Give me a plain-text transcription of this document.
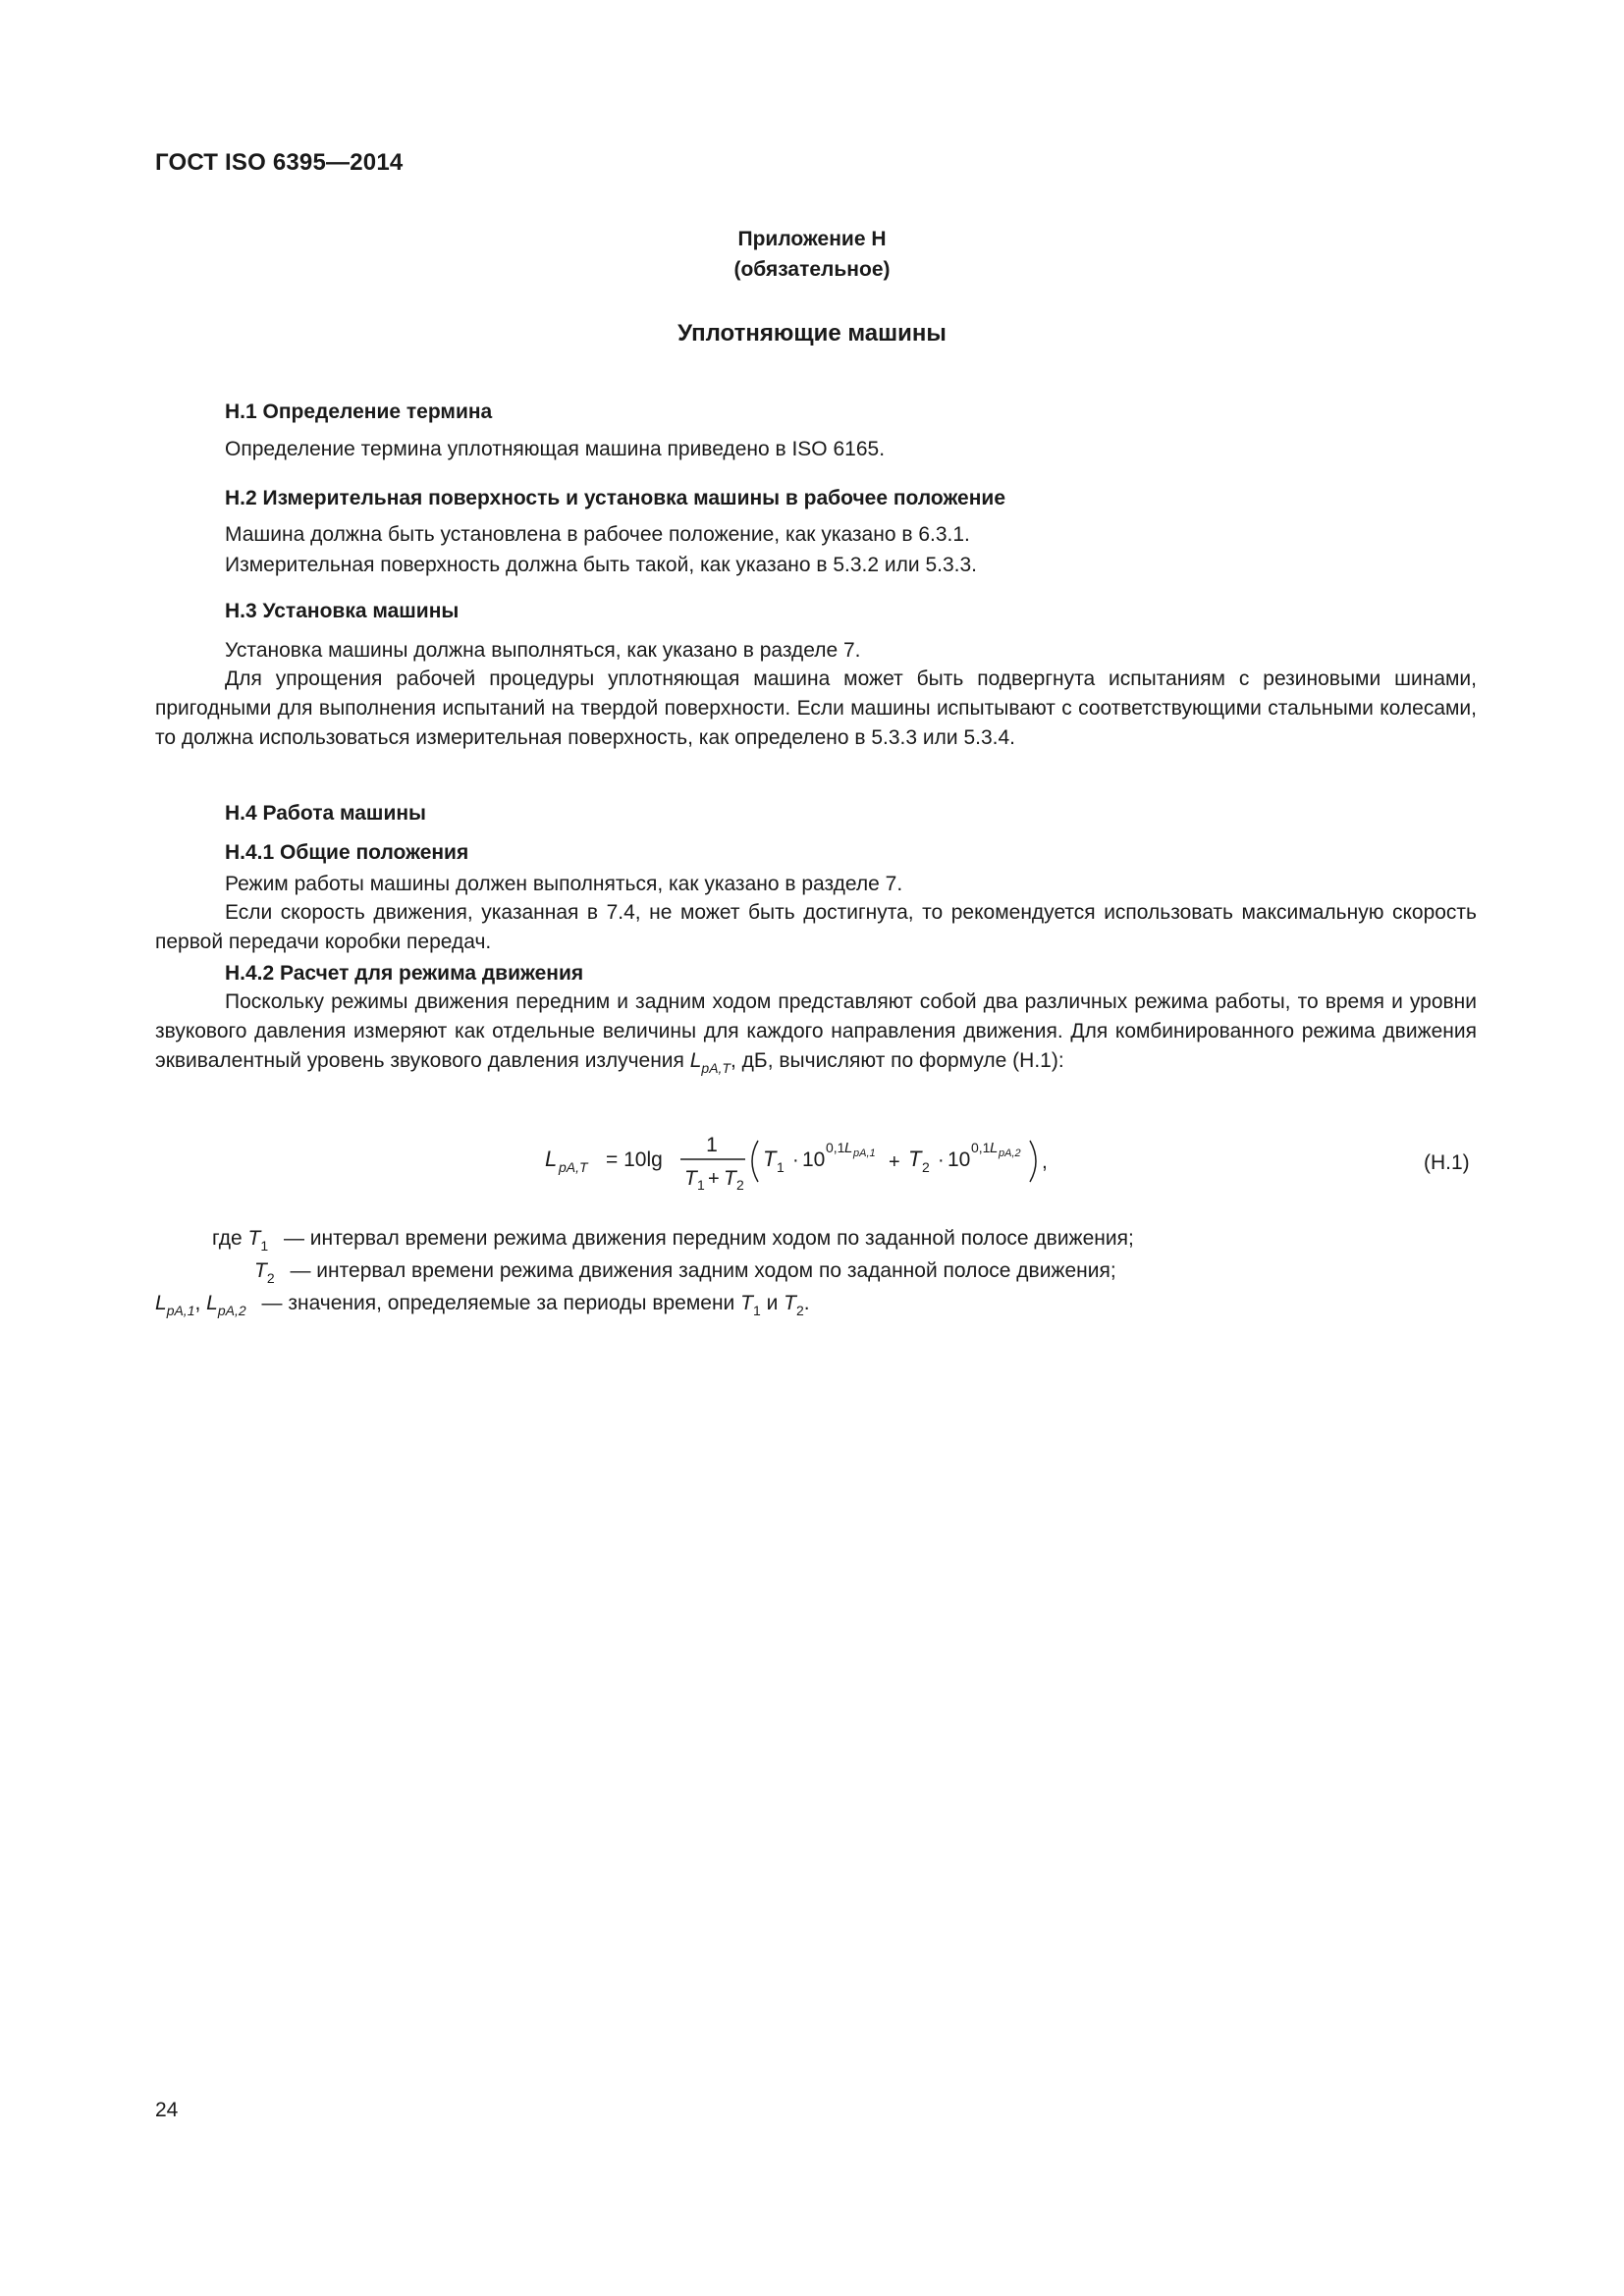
ГОСТ ISO 6395—2014
Приложение Н
(обязательное)
Уплотняющие машины
Н.1 Определение термина
Определение термина уплотняющая машина приведено в ISO 6165.
Н.2 Измерительная поверхность и установка машины в рабочее положение
Машина должна быть установлена в рабочее положение, как указано в 6.3.1.
Измерительная поверхность должна быть такой, как указано в 5.3.2 или 5.3.3.
Н.3 Установка машины
Установка машины должна выполняться, как указано в разделе 7.
Для упрощения рабочей процедуры уплотняющая машина может быть подвергнута испытаниям с резиновыми шинами, пригодными для выполнения испытаний на твердой поверхности. Если машины испытывают с соответствующими стальными колесами, то должна использоваться измерительная поверхность, как определено в 5.3.3 или 5.3.4.
Н.4 Работа машины
Н.4.1 Общие положения
Режим работы машины должен выполняться, как указано в разделе 7.
Если скорость движения, указанная в 7.4, не может быть достигнута, то рекомендуется использовать максимальную скорость первой передачи коробки передач.
Н.4.2 Расчет для режима движения
Поскольку режимы движения передним и задним ходом представляют собой два различных режима работы, то время и уровни звукового давления измеряют как отдельные величины для каждого направления движения. Для комбинированного режима движения эквивалентный уровень звукового давления излучения $L_{pA,T}$, дБ, вычисляют по формуле (Н.1):
L pA,T = 10lg
1
T 1 + T 2
T 1 · 10
0,1 L pA,1 + T 2 · 10
0,1 L pA,2 ,	(Н.1)
где $T_1$ — интервал времени режима движения передним ходом по заданной полосе движения;
$T_2$ — интервал времени режима движения задним ходом по заданной полосе движения;
$L_{pA,1}$, $L_{pA,2}$ — значения, определяемые за периоды времени $T_1$ и $T_2$.
24
